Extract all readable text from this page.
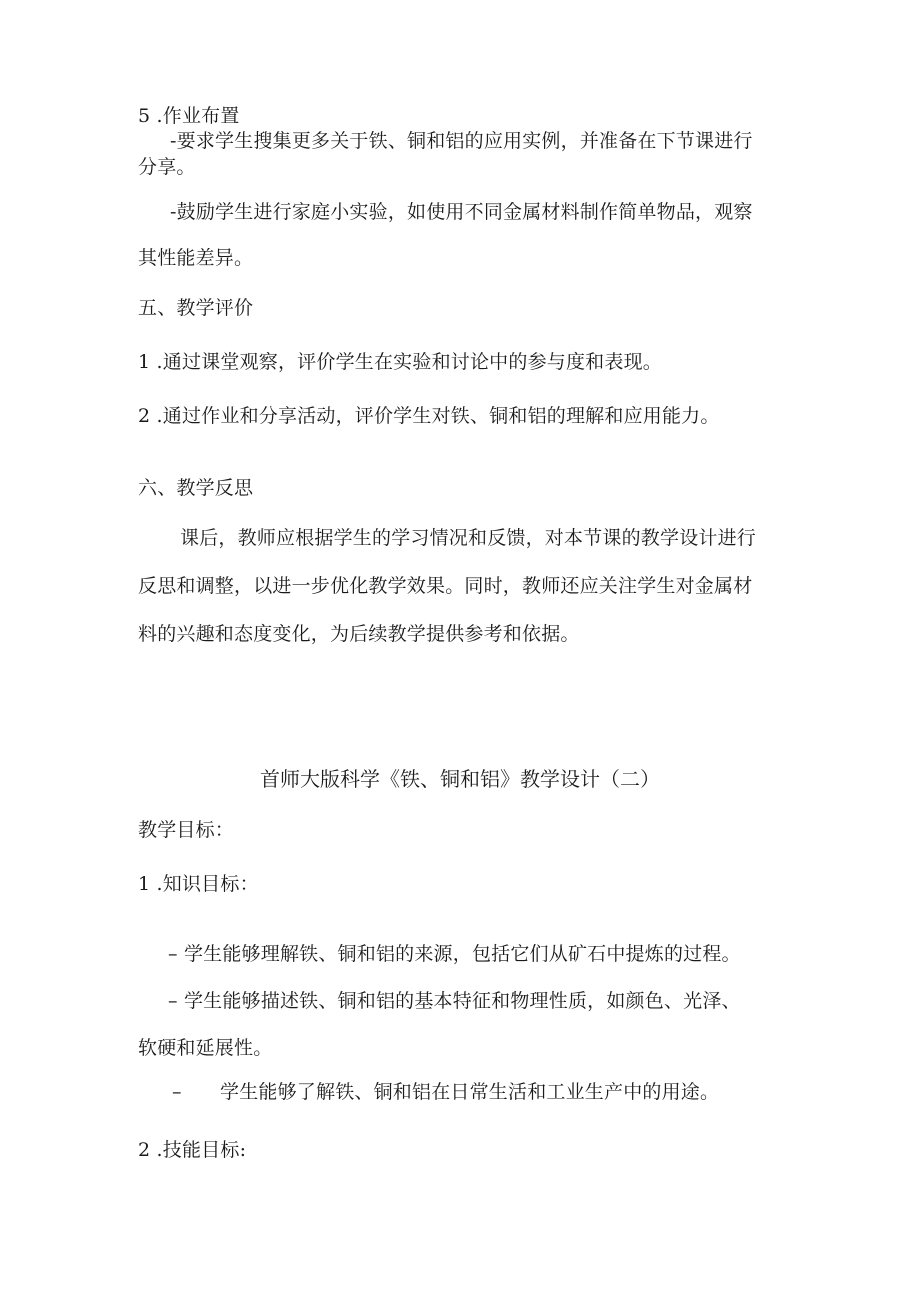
5 .作业布置
-要求学生搜集更多关于铁、铜和铝的应用实例，并准备在下节课进行
分享。
-鼓励学生进行家庭小实验，如使用不同金属材料制作简单物品，观察
其性能差异。
五、教学评价
1 .通过课堂观察，评价学生在实验和讨论中的参与度和表现。
2 .通过作业和分享活动，评价学生对铁、铜和铝的理解和应用能力。
六、教学反思
课后，教师应根据学生的学习情况和反馈，对本节课的教学设计进行
反思和调整，以进一步优化教学效果。同时，教师还应关注学生对金属材
料的兴趣和态度变化，为后续教学提供参考和依据。
首师大版科学《铁、铜和铝》教学设计（二）
教学目标：
1 .知识目标：
– 学生能够理解铁、铜和铝的来源，包括它们从矿石中提炼的过程。
– 学生能够描述铁、铜和铝的基本特征和物理性质，如颜色、光泽、
软硬和延展性。
– 学生能够了解铁、铜和铝在日常生活和工业生产中的用途。
2 .技能目标:
